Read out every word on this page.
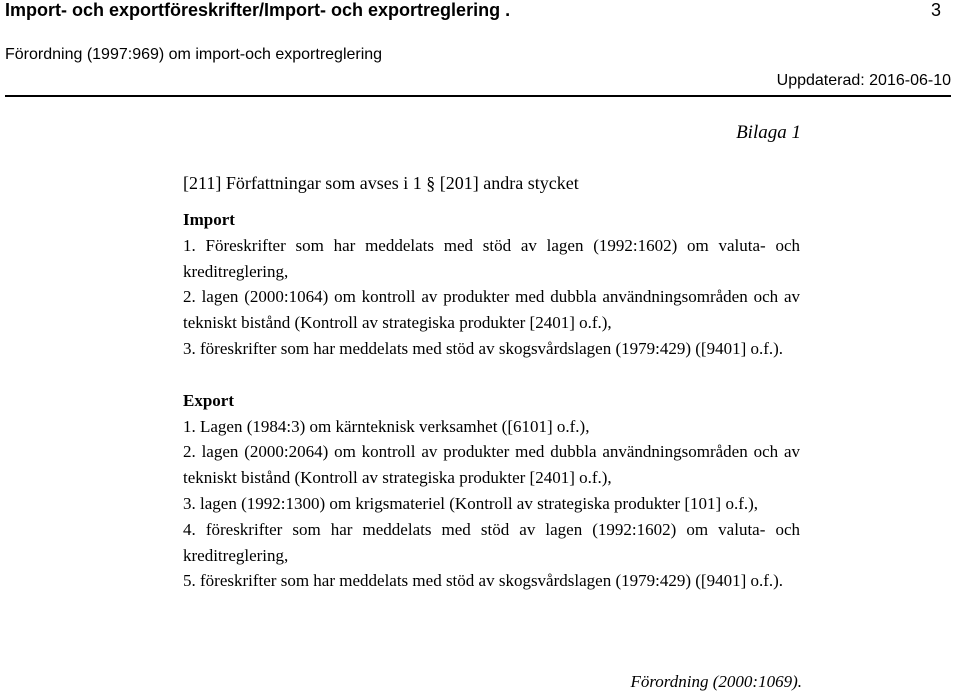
Import- och exportföreskrifter/Import- och exportreglering .	3
Förordning (1997:969) om import-och exportreglering
Uppdaterad: 2016-06-10
Bilaga 1
[211] Författningar som avses i 1 § [201] andra stycket

Import

1. Föreskrifter som har meddelats med stöd av lagen (1992:1602) om valuta- och kreditreglering,

2. lagen (2000:1064) om kontroll av produkter med dubbla användningsområden och av tekniskt bistånd (Kontroll av strategiska produkter [2401] o.f.),

3. föreskrifter som har meddelats med stöd av skogsvårdslagen (1979:429) ([9401] o.f.).

Export

1. Lagen (1984:3) om kärnteknisk verksamhet ([6101] o.f.),

2. lagen (2000:2064) om kontroll av produkter med dubbla användningsområden och av tekniskt bistånd (Kontroll av strategiska produkter [2401] o.f.),

3. lagen (1992:1300) om krigsmateriel (Kontroll av strategiska produkter [101] o.f.),

4. föreskrifter som har meddelats med stöd av lagen (1992:1602) om valuta- och kreditreglering,

5. föreskrifter som har meddelats med stöd av skogsvårdslagen (1979:429) ([9401] o.f.).

Förordning (2000:1069).
